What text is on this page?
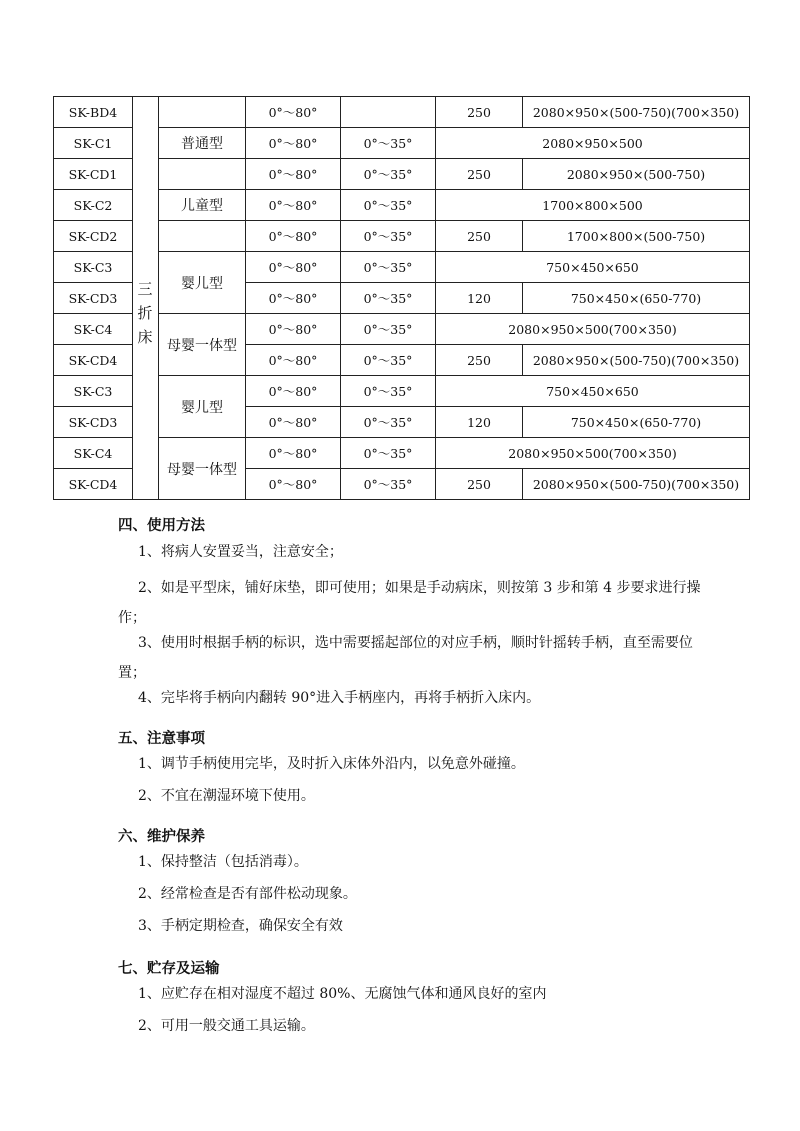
SK-BD4			0°～80°		250	2080×950×(500-750)(700×350)
SK-C1		普通型	0°～80°	0°～35°	2080×950×500	
SK-CD1			0°～80°	0°～35°	250	2080×950×(500-750)
SK-C2		儿童型	0°～80°	0°～35°	1700×800×500	
SK-CD2			0°～80°	0°～35°	250	1700×800×(500-750)
SK-C3		婴儿型	0°～80°	0°～35°	750×450×650	
SK-CD3			0°～80°	0°～35°	120	750×450×(650-770)
SK-C4		母婴一体型	0°～80°	0°～35°	2080×950×500(700×350)	
SK-CD4			0°～80°	0°～35°	250	2080×950×(500-750)(700×350)
SK-C3		婴儿型	0°～80°	0°～35°	750×450×650	
SK-CD3			0°～80°	0°～35°	120	750×450×(650-770)
SK-C4		母婴一体型	0°～80°	0°～35°	2080×950×500(700×350)	
SK-CD4			0°～80°	0°～35°	250	2080×950×(500-750)(700×350)
三折床
四、使用方法

1、将病人安置妥当，注意安全；

2、如是平型床，铺好床垫，即可使用；如果是手动病床，则按第 3 步和第 4 步要求进行操作；

3、使用时根据手柄的标识，选中需要摇起部位的对应手柄，顺时针摇转手柄，直至需要位置；

4、完毕将手柄向内翻转 90°进入手柄座内，再将手柄折入床内。

五、注意事项

1、调节手柄使用完毕，及时折入床体外沿内，以免意外碰撞。

2、不宜在潮湿环境下使用。

六、维护保养

1、保持整洁（包括消毒）。

2、经常检查是否有部件松动现象。

3、手柄定期检查，确保安全有效

七、贮存及运输

1、应贮存在相对湿度不超过 80%、无腐蚀气体和通风良好的室内

2、可用一般交通工具运输。
